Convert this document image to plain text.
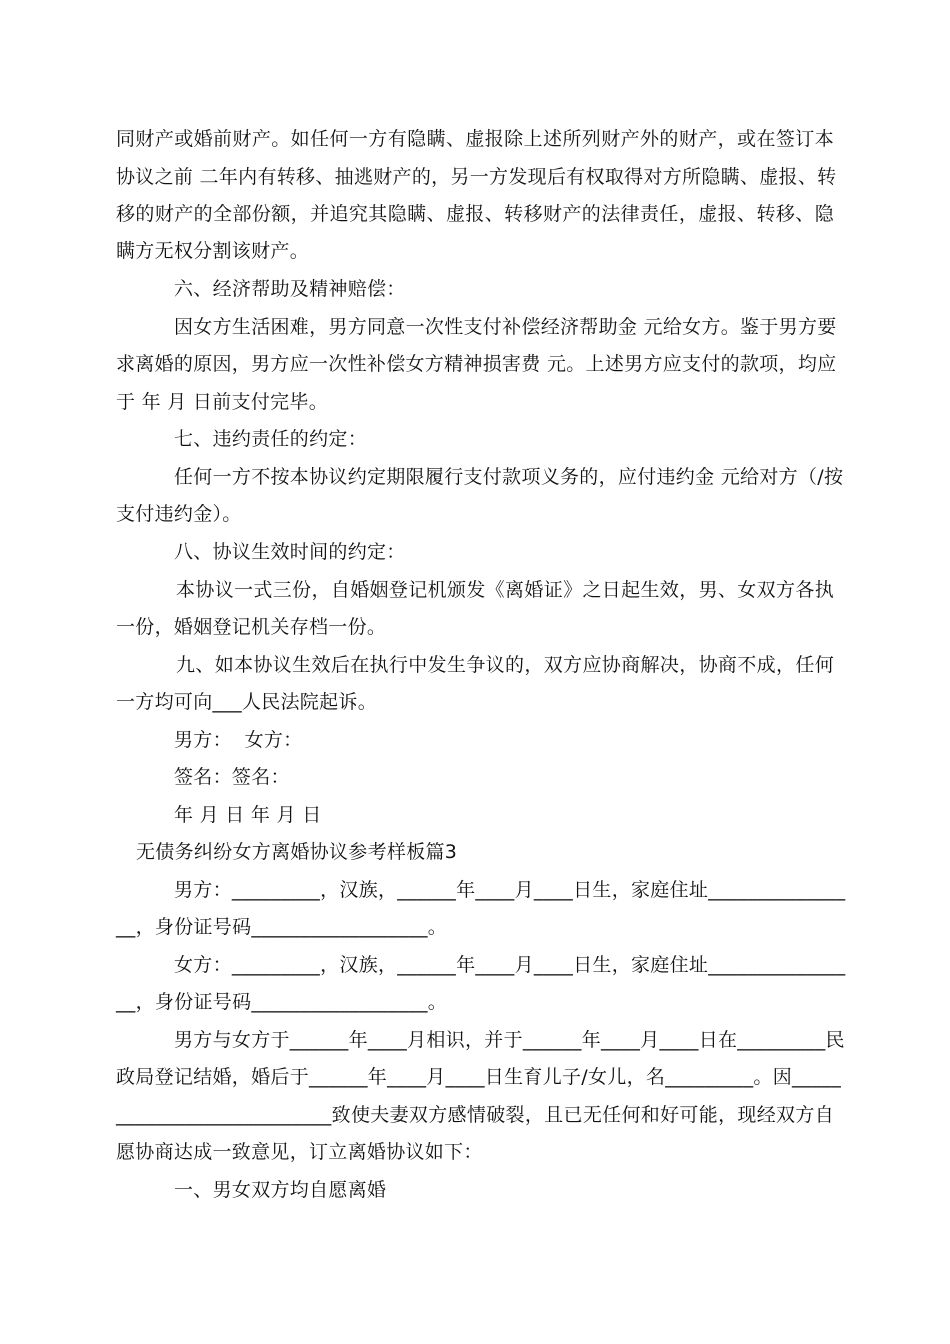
同财产或婚前财产。如任何一方有隐瞒、虚报除上述所列财产外的财产，或在签订本
协议之前 二年内有转移、抽逃财产的，另一方发现后有权取得对方所隐瞒、虚报、转
移的财产的全部份额，并追究其隐瞒、虚报、转移财产的法律责任，虚报、转移、隐
瞒方无权分割该财产。
六、经济帮助及精神赔偿：
因女方生活困难，男方同意一次性支付补偿经济帮助金 元给女方。鉴于男方要
求离婚的原因，男方应一次性补偿女方精神损害费 元。上述男方应支付的款项，均应
于 年 月 日前支付完毕。
七、违约责任的约定：
任何一方不按本协议约定期限履行支付款项义务的，应付违约金 元给对方（/按
支付违约金）。
八、协议生效时间的约定：
本协议一式三份，自婚姻登记机颁发《离婚证》之日起生效，男、女双方各执
一份，婚姻登记机关存档一份。
九、如本协议生效后在执行中发生争议的，双方应协商解决，协商不成，任何
一方均可向___人民法院起诉。
男方：  女方：
签名：签名：
年 月 日 年 月 日
无债务纠纷女方离婚协议参考样板篇3
男方：_________，汉族，______年____月____日生，家庭住址______________
__，身份证号码__________________。
女方：_________，汉族，______年____月____日生，家庭住址______________
__，身份证号码__________________。
男方与女方于______年____月相识，并于______年____月____日在_________民
政局登记结婚，婚后于______年____月____日生育儿子/女儿，名_________。因_____
______________________致使夫妻双方感情破裂，且已无任何和好可能，现经双方自
愿协商达成一致意见，订立离婚协议如下：
一、男女双方均自愿离婚
